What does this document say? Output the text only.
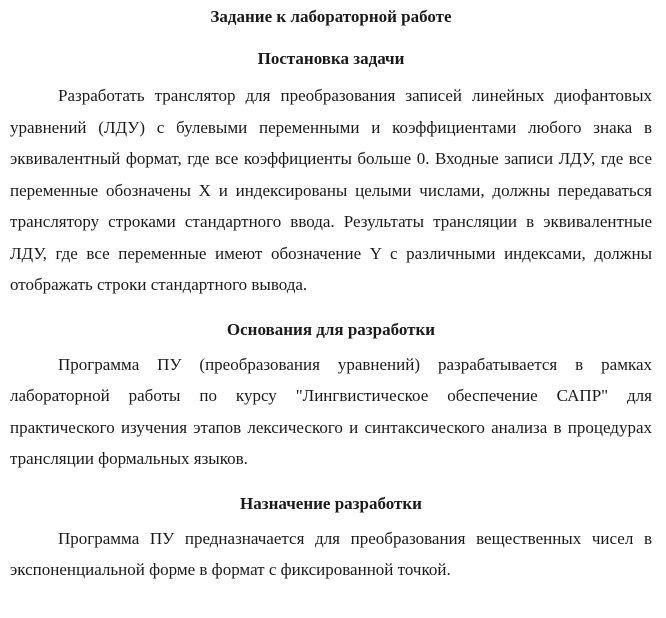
Задание к лабораторной работе
Постановка задачи

Разработать транслятор для преобразования записей линейных диофантовых уравнений (ЛДУ) с булевыми переменными и коэффициентами любого знака в эквивалентный формат, где все коэффициенты больше 0. Входные записи ЛДУ, где все переменные обозначены X и индексированы целыми числами, должны передаваться транслятору строками стандартного ввода. Результаты трансляции в эквивалентные ЛДУ, где все переменные имеют обозначение Y с различными индексами, должны отображать строки стандартного вывода.

Основания для разработки

Программа ПУ (преобразования уравнений) разрабатывается в рамках лабораторной работы по курсу "Лингвистическое обеспечение САПР" для практического изучения этапов лексического и синтаксического анализа в процедурах трансляции формальных языков.

Назначение разработки

Программа ПУ предназначается для преобразования вещественных чисел в экспоненциальной форме в формат с фиксированной точкой.
